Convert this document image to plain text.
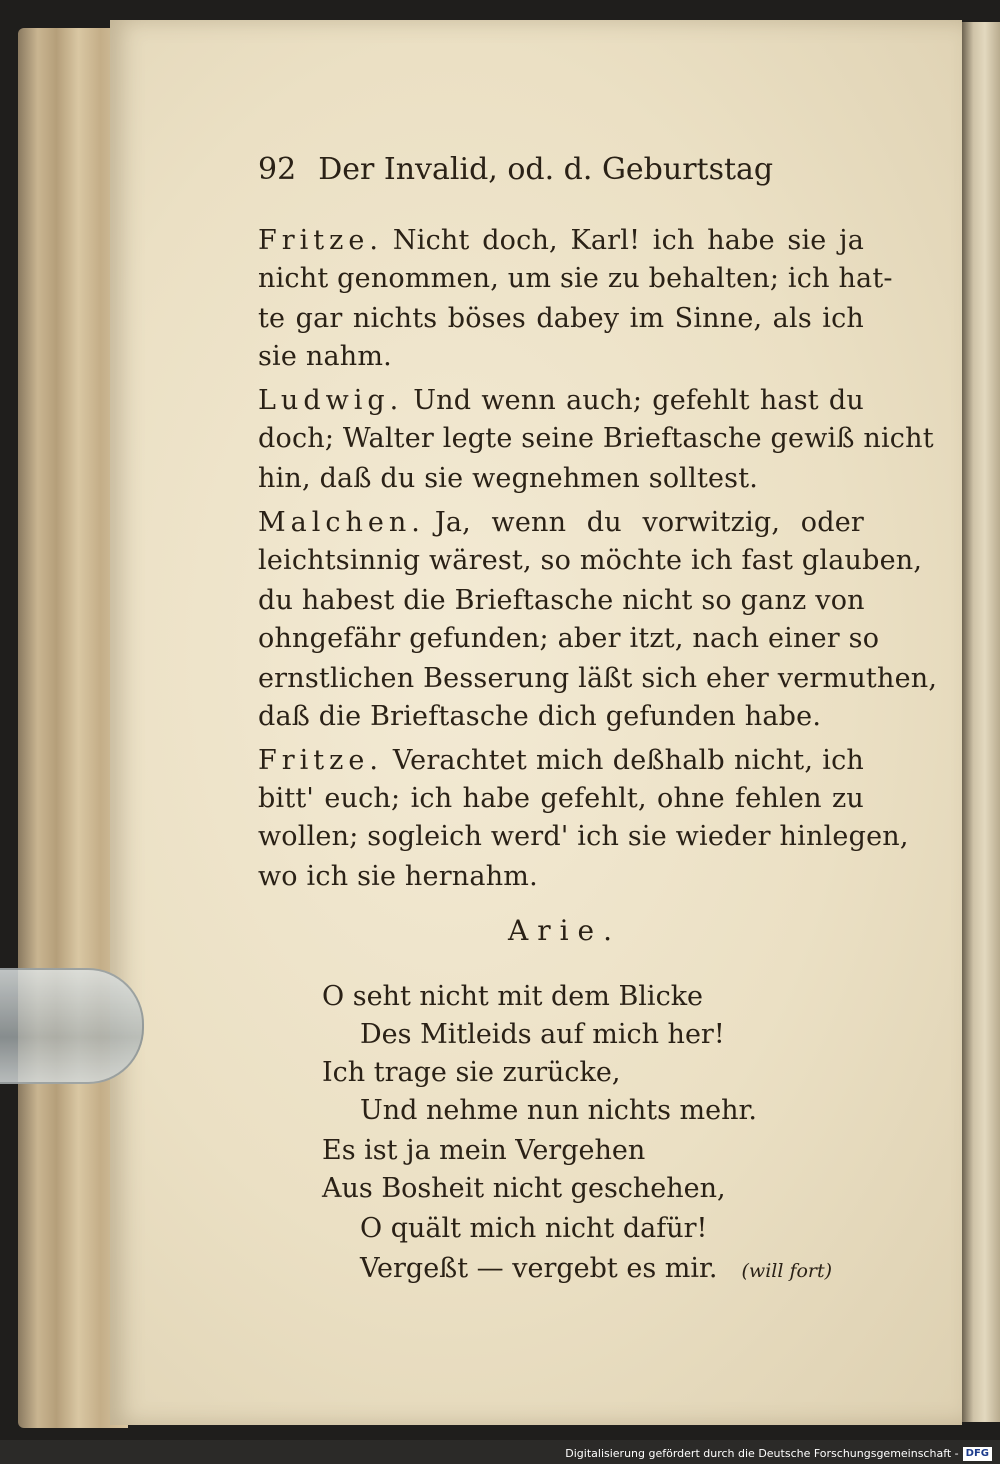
92 Der Invalid, od. d. Geburtstag
Fritze. Nicht doch, Karl! ich habe sie ja
nicht genommen, um sie zu behalten; ich hat-
te gar nichts böses dabey im Sinne, als ich
sie nahm.
Ludwig. Und wenn auch; gefehlt hast du
doch; Walter legte seine Brieftasche gewiß nicht
hin, daß du sie wegnehmen solltest.
Malchen. Ja, wenn du vorwitzig, oder
leichtsinnig wärest, so möchte ich fast glauben,
du habest die Brieftasche nicht so ganz von
ohngefähr gefunden; aber itzt, nach einer so
ernstlichen Besserung läßt sich eher vermuthen,
daß die Brieftasche dich gefunden habe.
Fritze. Verachtet mich deßhalb nicht, ich
bitt' euch; ich habe gefehlt, ohne fehlen zu
wollen; sogleich werd' ich sie wieder hinlegen,
wo ich sie hernahm.
Arie.
O seht nicht mit dem Blicke
Des Mitleids auf mich her!
Ich trage sie zurücke,
Und nehme nun nichts mehr.
Es ist ja mein Vergehen
Aus Bosheit nicht geschehen,
O quält mich nicht dafür!
Vergeßt — vergebt es mir. (will fort)
Digitalisierung gefördert durch die Deutsche Forschungsgemeinschaft - DFG
